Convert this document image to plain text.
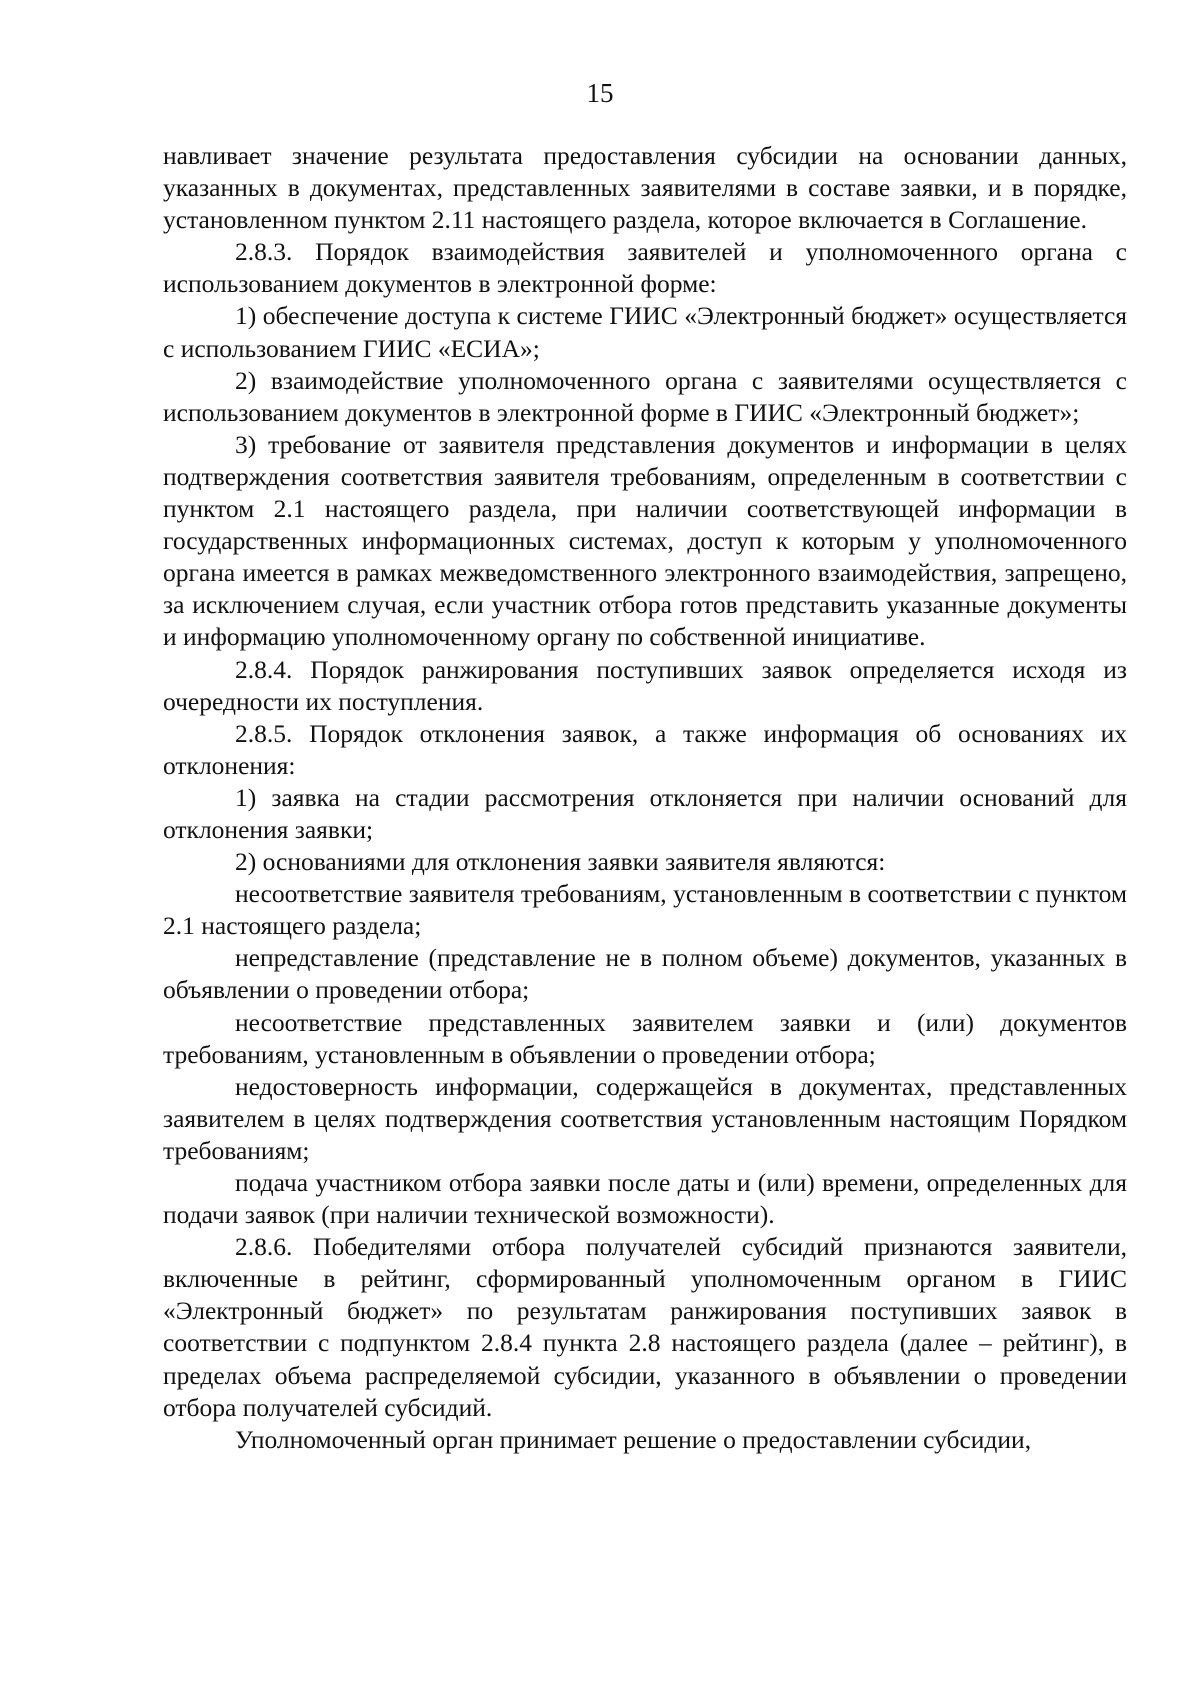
15

навливает значение результата предоставления субсидии на основании данных, указанных в документах, представленных заявителями в составе заявки, и в порядке, установленном пунктом 2.11 настоящего раздела, которое включается в Соглашение.

2.8.3. Порядок взаимодействия заявителей и уполномоченного органа с использованием документов в электронной форме:

1) обеспечение доступа к системе ГИИС «Электронный бюджет» осуществляется с использованием ГИИС «ЕСИА»;

2) взаимодействие уполномоченного органа с заявителями осуществляется с использованием документов в электронной форме в ГИИС «Электронный бюджет»;

3) требование от заявителя представления документов и информации в целях подтверждения соответствия заявителя требованиям, определенным в соответствии с пунктом 2.1 настоящего раздела, при наличии соответствующей информации в государственных информационных системах, доступ к которым у уполномоченного органа имеется в рамках межведомственного электронного взаимодействия, запрещено, за исключением случая, если участник отбора готов представить указанные документы и информацию уполномоченному органу по собственной инициативе.

2.8.4. Порядок ранжирования поступивших заявок определяется исходя из очередности их поступления.

2.8.5. Порядок отклонения заявок, а также информация об основаниях их отклонения:

1) заявка на стадии рассмотрения отклоняется при наличии оснований для отклонения заявки;

2) основаниями для отклонения заявки заявителя являются:

несоответствие заявителя требованиям, установленным в соответствии с пунктом 2.1 настоящего раздела;

непредставление (представление не в полном объеме) документов, указанных в объявлении о проведении отбора;

несоответствие представленных заявителем заявки и (или) документов требованиям, установленным в объявлении о проведении отбора;

недостоверность информации, содержащейся в документах, представленных заявителем в целях подтверждения соответствия установленным настоящим Порядком требованиям;

подача участником отбора заявки после даты и (или) времени, определенных для подачи заявок (при наличии технической возможности).

2.8.6. Победителями отбора получателей субсидий признаются заявители, включенные в рейтинг, сформированный уполномоченным органом в ГИИС «Электронный бюджет» по результатам ранжирования поступивших заявок в соответствии с подпунктом 2.8.4 пункта 2.8 настоящего раздела (далее – рейтинг), в пределах объема распределяемой субсидии, указанного в объявлении о проведении отбора получателей субсидий.

Уполномоченный орган принимает решение о предоставлении субсидии,
